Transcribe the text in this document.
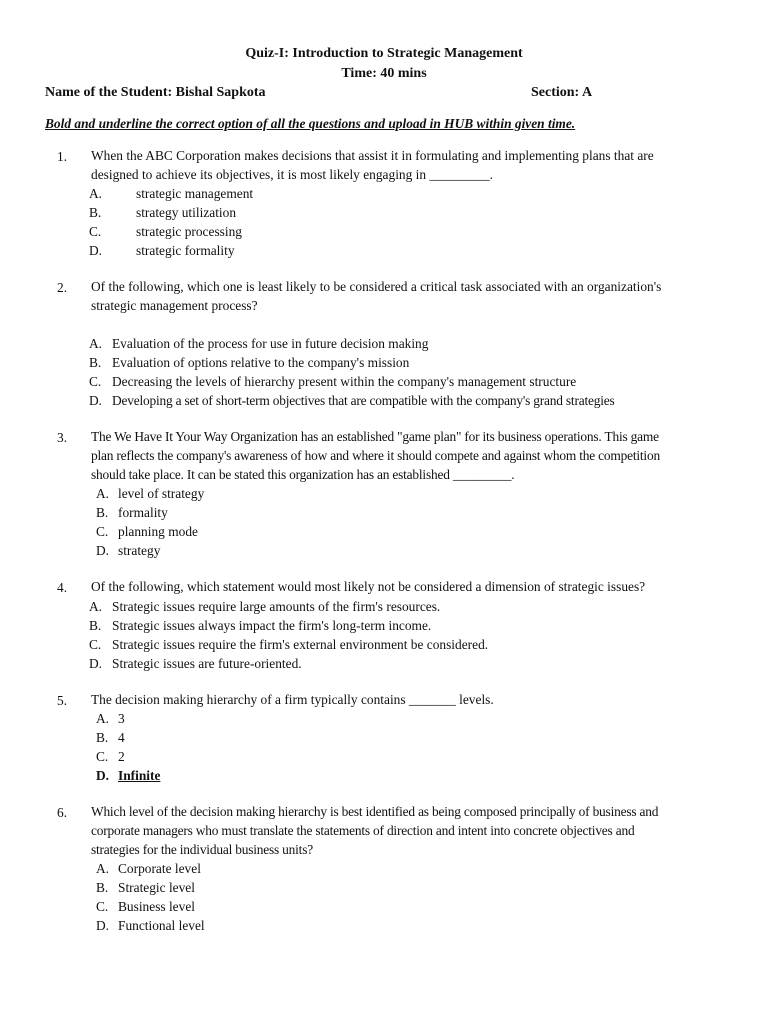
Quiz-I: Introduction to Strategic Management
Time: 40 mins
Name of the Student: Bishal Sapkota	Section: A
Bold and underline the correct option of all the questions and upload in HUB within given time.
1. When the ABC Corporation makes decisions that assist it in formulating and implementing plans that are
designed to achieve its objectives, it is most likely engaging in _________.
A.	strategic management
B.	strategy utilization
C.	strategic processing
D.	strategic formality
2. Of the following, which one is least likely to be considered a critical task associated with an organization's
strategic management process?
A. Evaluation of the process for use in future decision making
B. Evaluation of options relative to the company's mission
C. Decreasing the levels of hierarchy present within the company's management structure
D. Developing a set of short-term objectives that are compatible with the company's grand strategies
3. The We Have It Your Way Organization has an established "game plan" for its business operations. This game
plan reflects the company's awareness of how and where it should compete and against whom the competition
should take place. It can be stated this organization has an established _________.
A. level of strategy
B. formality
C. planning mode
D. strategy
4. Of the following, which statement would most likely not be considered a dimension of strategic issues?
A. Strategic issues require large amounts of the firm's resources.
B. Strategic issues always impact the firm's long-term income.
C. Strategic issues require the firm's external environment be considered.
D. Strategic issues are future-oriented.
5. The decision making hierarchy of a firm typically contains _______ levels.
A. 3
B. 4
C. 2
D. Infinite
6. Which level of the decision making hierarchy is best identified as being composed principally of business and
corporate managers who must translate the statements of direction and intent into concrete objectives and
strategies for the individual business units?
A. Corporate level
B. Strategic level
C. Business level
D. Functional level
